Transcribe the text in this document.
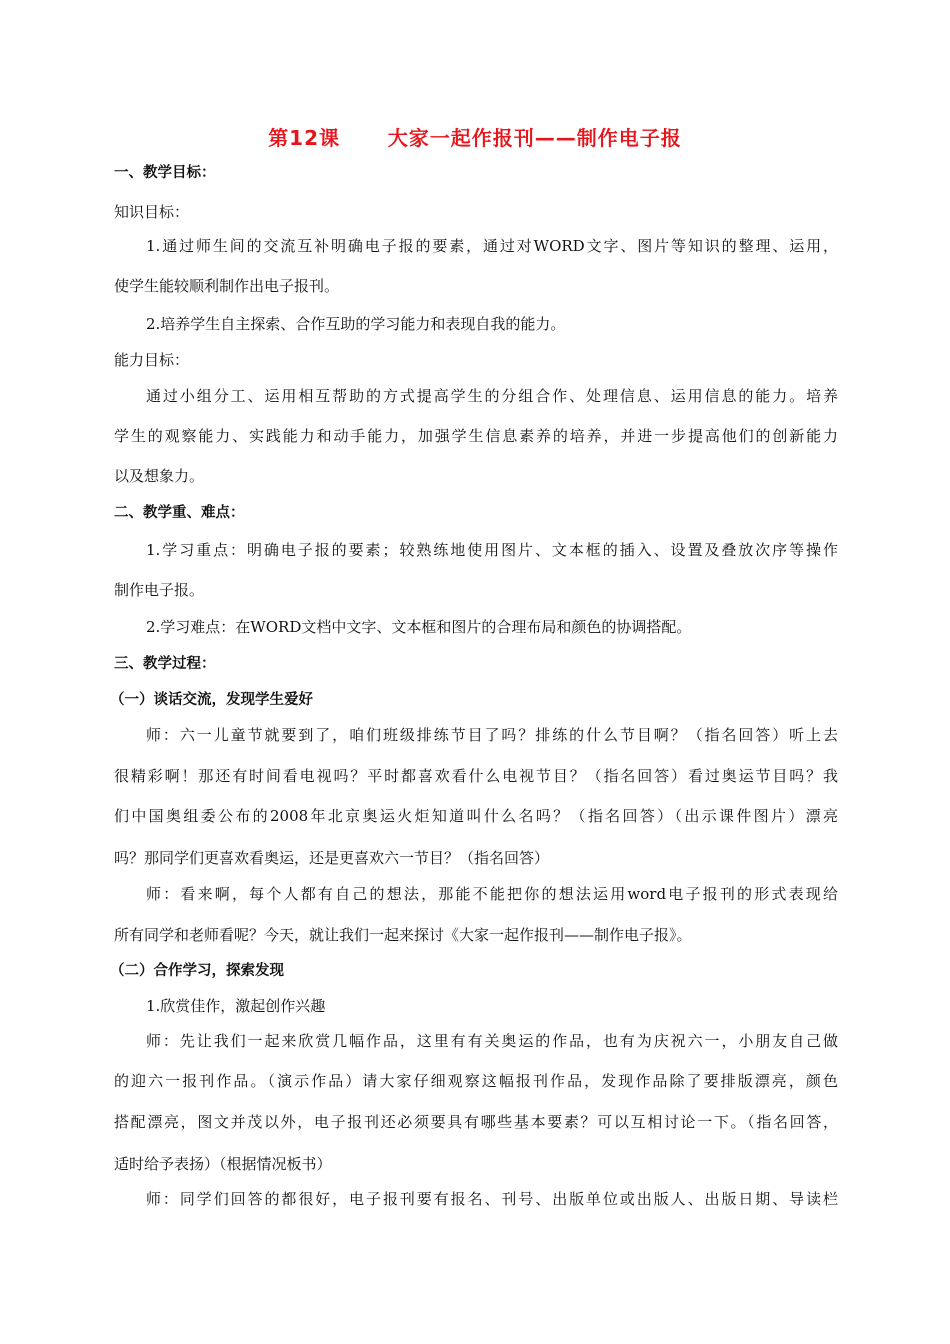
第12课      大家一起作报刊——制作电子报
一、教学目标：
知识目标：
1.通过师生间的交流互补明确电子报的要素，通过对WORD文字、图片等知识的整理、运用，
使学生能较顺利制作出电子报刊。
2.培养学生自主探索、合作互助的学习能力和表现自我的能力。
能力目标：
通过小组分工、运用相互帮助的方式提高学生的分组合作、处理信息、运用信息的能力。培养
学生的观察能力、实践能力和动手能力，加强学生信息素养的培养，并进一步提高他们的创新能力
以及想象力。
二、教学重、难点：
1.学习重点：明确电子报的要素；较熟练地使用图片、文本框的插入、设置及叠放次序等操作
制作电子报。
2.学习难点：在WORD文档中文字、文本框和图片的合理布局和颜色的协调搭配。
三、教学过程：
（一）谈话交流，发现学生爱好
师：六一儿童节就要到了，咱们班级排练节目了吗？排练的什么节目啊？（指名回答）听上去
很精彩啊！那还有时间看电视吗？平时都喜欢看什么电视节目？（指名回答）看过奥运节目吗？我
们中国奥组委公布的2008年北京奥运火炬知道叫什么名吗？（指名回答）（出示课件图片）漂亮
吗？那同学们更喜欢看奥运，还是更喜欢六一节目？（指名回答）
师：看来啊，每个人都有自己的想法，那能不能把你的想法运用word电子报刊的形式表现给
所有同学和老师看呢？今天，就让我们一起来探讨《大家一起作报刊——制作电子报》。
（二）合作学习，探索发现
1.欣赏佳作，激起创作兴趣
师：先让我们一起来欣赏几幅作品，这里有有关奥运的作品，也有为庆祝六一，小朋友自己做
的迎六一报刊作品。（演示作品）请大家仔细观察这幅报刊作品，发现作品除了要排版漂亮，颜色
搭配漂亮，图文并茂以外，电子报刊还必须要具有哪些基本要素？可以互相讨论一下。（指名回答，
适时给予表扬）（根据情况板书）
师：同学们回答的都很好，电子报刊要有报名、刊号、出版单位或出版人、出版日期、导读栏
